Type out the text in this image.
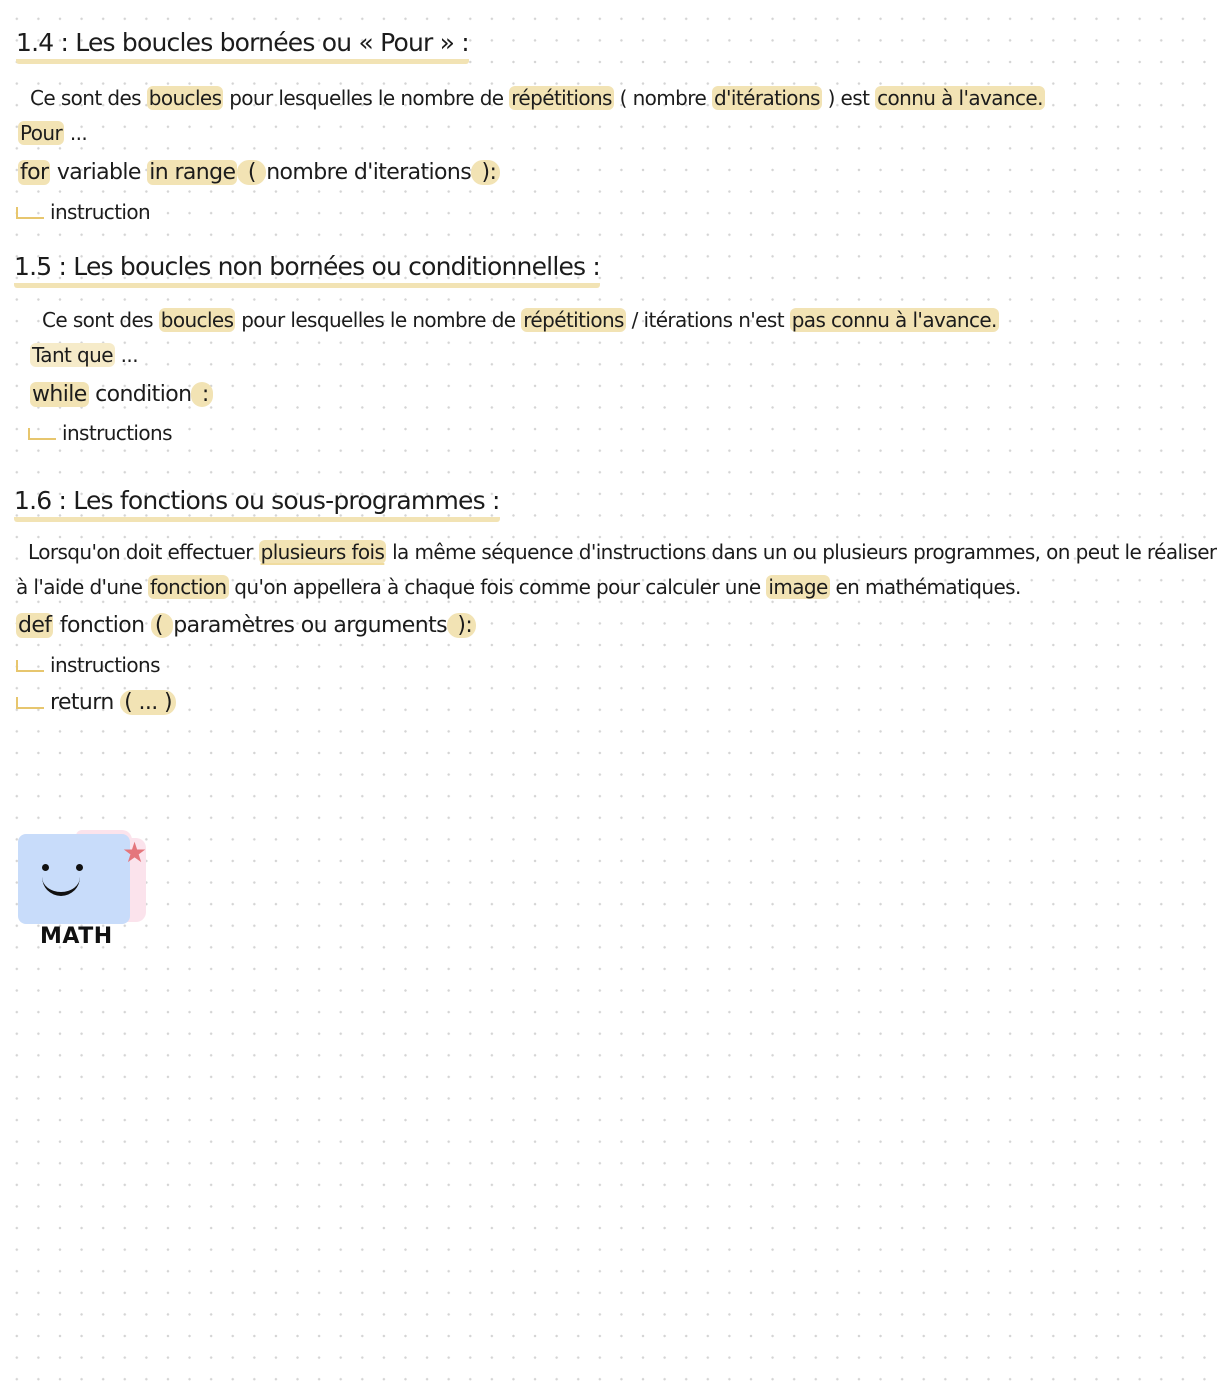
1.4 : Les boucles bornées ou « Pour » :
Ce sont des boucles pour lesquelles le nombre de répétitions ( nombre d'itérations ) est connu à l'avance.
Pour ...
for variable in range ( nombre d'iterations ):
instruction
1.5 : Les boucles non bornées ou conditionnelles :
Ce sont des boucles pour lesquelles le nombre de répétitions / itérations n'est pas connu à l'avance.
Tant que ...
while condition :
instructions
1.6 : Les fonctions ou sous-programmes :
Lorsqu'on doit effectuer plusieurs fois la même séquence d'instructions dans un ou plusieurs programmes, on peut le réaliser
à l'aide d'une fonction qu'on appellera à chaque fois comme pour calculer une image en mathématiques.
def fonction ( paramètres ou arguments ):
instructions
return ( ... )
★
MATH
